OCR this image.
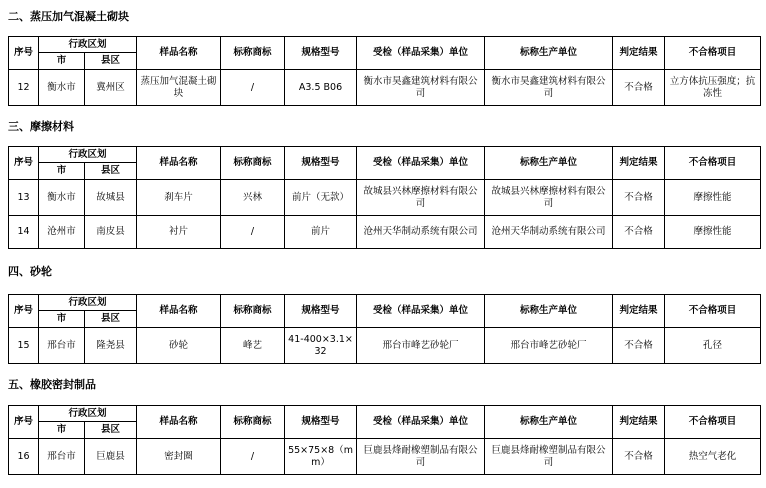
二、蒸压加气混凝土砌块
序号	行政区划		样品名称	标称商标	规格型号	受检（样品采集）单位	标称生产单位	判定结果	不合格项目
	市	县区							
12	衡水市	冀州区	蒸压加气混凝土砌块	/	A3.5 B06	衡水市昊鑫建筑材料有限公司	衡水市昊鑫建筑材料有限公司	不合格	立方体抗压强度；抗冻性
三、摩擦材料
序号	行政区划		样品名称	标称商标	规格型号	受检（样品采集）单位	标称生产单位	判定结果	不合格项目
	市	县区							
13	衡水市	故城县	刹车片	兴林	前片（无款）	故城县兴林摩擦材料有限公司	故城县兴林摩擦材料有限公司	不合格	摩擦性能
14	沧州市	南皮县	衬片	/	前片	沧州天华制动系统有限公司	沧州天华制动系统有限公司	不合格	摩擦性能
四、砂轮
序号	行政区划		样品名称	标称商标	规格型号	受检（样品采集）单位	标称生产单位	判定结果	不合格项目
	市	县区							
15	邢台市	隆尧县	砂轮	峰艺	41-400×3.1×32	邢台市峰艺砂轮厂	邢台市峰艺砂轮厂	不合格	孔径
五、橡胶密封制品
序号	行政区划		样品名称	标称商标	规格型号	受检（样品采集）单位	标称生产单位	判定结果	不合格项目
	市	县区							
16	邢台市	巨鹿县	密封圈	/	55×75×8（mm）	巨鹿县烽耐橡塑制品有限公司	巨鹿县烽耐橡塑制品有限公司	不合格	热空气老化
